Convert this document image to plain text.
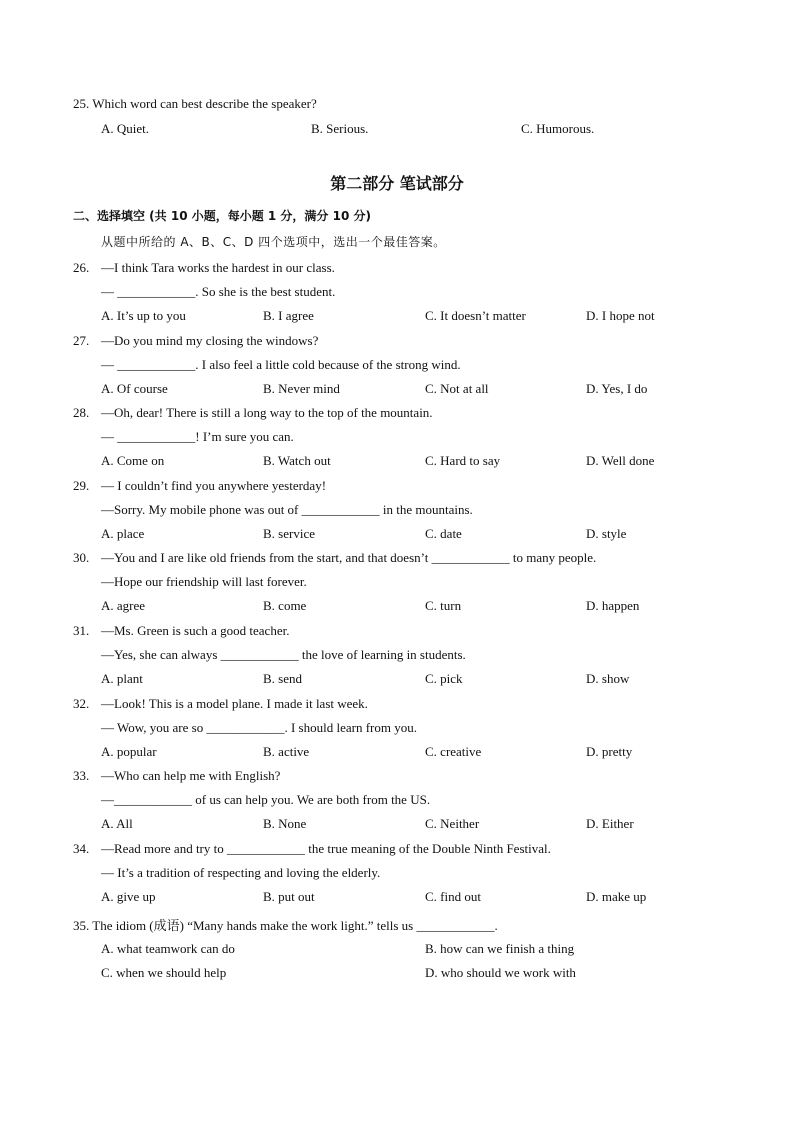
25. Which word can best describe the speaker?
A. Quiet.	B. Serious.	C. Humorous.
第二部分 笔试部分
二、选择填空 (共 10 小题，每小题 1 分，满分 10 分)
从题中所给的 A、B、C、D 四个选项中，选出一个最佳答案。
26. —I think Tara works the hardest in our class.
— ____________. So she is the best student.
A. It’s up to you	B. I agree	C. It doesn’t matter	D. I hope not
27. —Do you mind my closing the windows?
— ____________. I also feel a little cold because of the strong wind.
A. Of course	B. Never mind	C. Not at all	D. Yes, I do
28. —Oh, dear! There is still a long way to the top of the mountain.
— ____________! I’m sure you can.
A. Come on	B. Watch out	C. Hard to say	D. Well done
29. — I couldn’t find you anywhere yesterday!
—Sorry. My mobile phone was out of ____________ in the mountains.
A. place	B. service	C. date	D. style
30. —You and I are like old friends from the start, and that doesn’t ____________ to many people.
—Hope our friendship will last forever.
A. agree	B. come	C. turn	D. happen
31. —Ms. Green is such a good teacher.
—Yes, she can always ____________ the love of learning in students.
A. plant	B. send	C. pick	D. show
32. —Look! This is a model plane. I made it last week.
— Wow, you are so ____________. I should learn from you.
A. popular	B. active	C. creative	D. pretty
33. —Who can help me with English?
—____________ of us can help you. We are both from the US.
A. All	B. None	C. Neither	D. Either
34. —Read more and try to ____________ the true meaning of the Double Ninth Festival.
— It’s a tradition of respecting and loving the elderly.
A. give up	B. put out	C. find out	D. make up
35. The idiom (成语) “Many hands make the work light.” tells us ____________.
A. what teamwork can do	B. how can we finish a thing
C. when we should help	D. who should we work with
